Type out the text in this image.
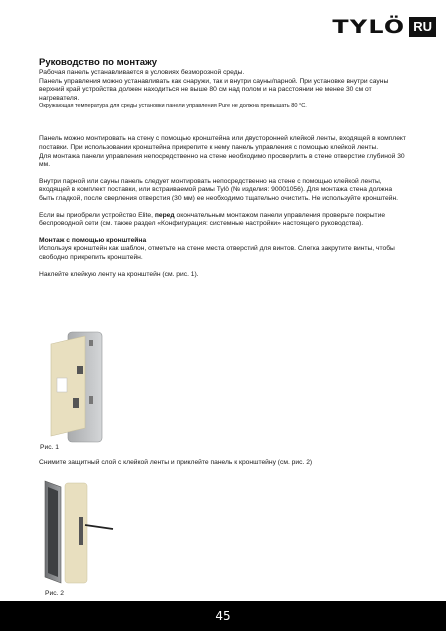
TYLÖ RU
Руководство по монтажу

Рабочая панель устанавливается в условиях безморозной среды.

Панель управления можно устанавливать как снаружи, так и внутри сауны/парной. При установке внутри сауны верхний край устройства должен находиться не выше 80 см над полом и на расстоянии не менее 30 см от нагревателя.

Окружающая температура для среды установки панели управления Pure не должна превышать 80 °C.

Панель можно монтировать на стену с помощью кронштейна или двусторонней клейкой ленты, входящей в комплект поставки. При использовании кронштейна прикрепите к нему панель управления с помощью клейкой ленты.

Для монтажа панели управления непосредственно на стене необходимо просверлить в стене отверстие глубиной 30 мм.

Внутри парной или сауны панель следует монтировать непосредственно на стене с помощью клейкой ленты, входящей в комплект поставки, или встраиваемой рамы Tylö (№ изделия: 90001056). Для монтажа стена должна быть гладкой, после сверления отверстия (30 мм) ее необходимо тщательно очистить. Не используйте кронштейн.

Если вы приобрели устройство Elite, перед окончательным монтажом панели управления проверьте покрытие беспроводной сети (см. также раздел «Конфигурация: системные настройки» настоящего руководства).

Монтаж с помощью кронштейна

Используя кронштейн как шаблон, отметьте на стене места отверстий для винтов. Слегка закрутите винты, чтобы свободно прикрепить кронштейн.

Наклейте клейкую ленту на кронштейн (см. рис. 1).

Рис. 1
Снимите защитный слой с клейкой ленты и приклейте панель к кронштейну (см. рис. 2)
Рис. 2
45
